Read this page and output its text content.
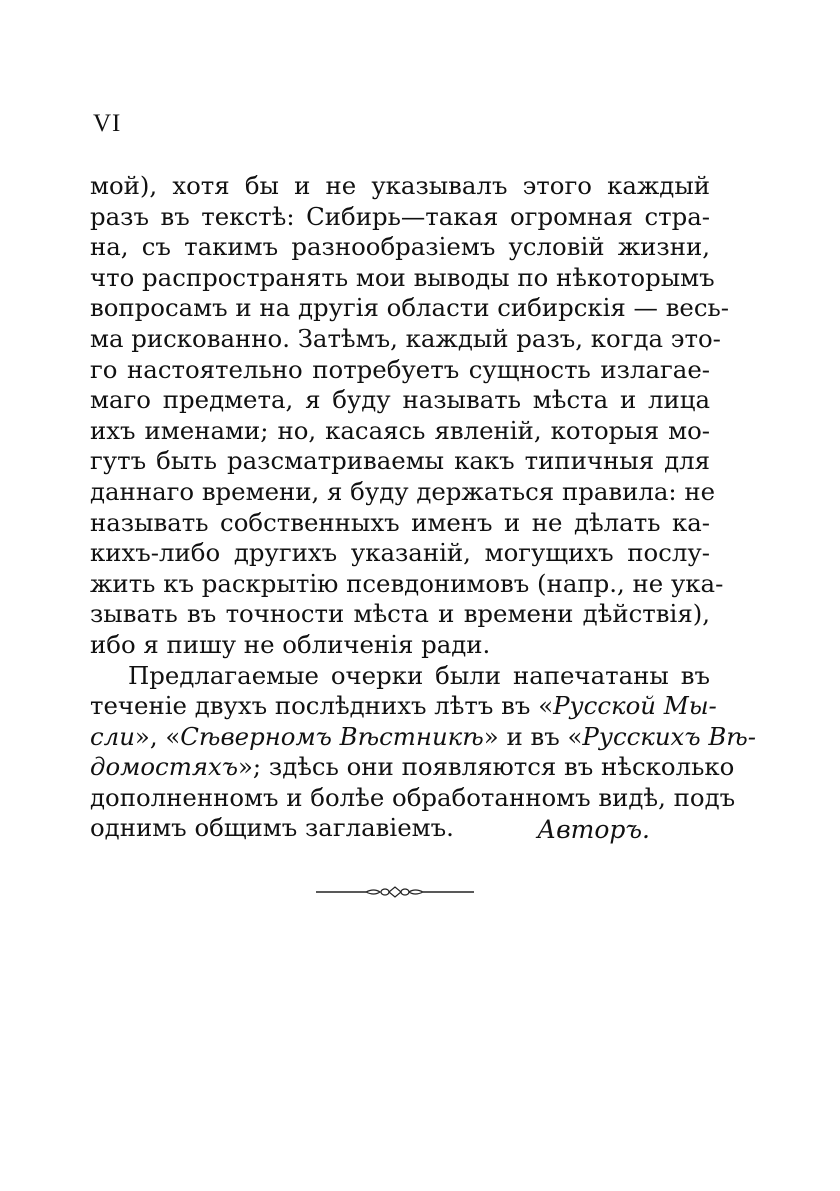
VI
мой), хотя бы и не указывалъ этого каждый
разъ въ текстѣ: Сибирь—такая огромная стра-
на, съ такимъ разнообразіемъ условій жизни,
что распространять мои выводы по нѣкоторымъ
вопросамъ и на другія области сибирскія — весь-
ма рискованно. Затѣмъ, каждый разъ, когда это-
го настоятельно потребуетъ сущность излагае-
маго предмета, я буду называть мѣста и лица
ихъ именами; но, касаясь явленій, которыя мо-
гутъ быть разсматриваемы какъ типичныя для
даннаго времени, я буду держаться правила: не
называть собственныхъ именъ и не дѣлать ка-
кихъ-либо другихъ указаній, могущихъ послу-
жить къ раскрытію псевдонимовъ (напр., не ука-
зывать въ точности мѣста и времени дѣйствія),
ибо я пишу не обличенія ради.
Предлагаемые очерки были напечатаны въ
теченіе двухъ послѣднихъ лѣтъ въ «Русской Мы-
сли», «Сѣверномъ Вѣстникѣ» и въ «Русскихъ Вѣ-
домостяхъ»; здѣсь они появляются въ нѣсколько
дополненномъ и болѣе обработанномъ видѣ, подъ
однимъ общимъ заглавіемъ.	Авторъ.
